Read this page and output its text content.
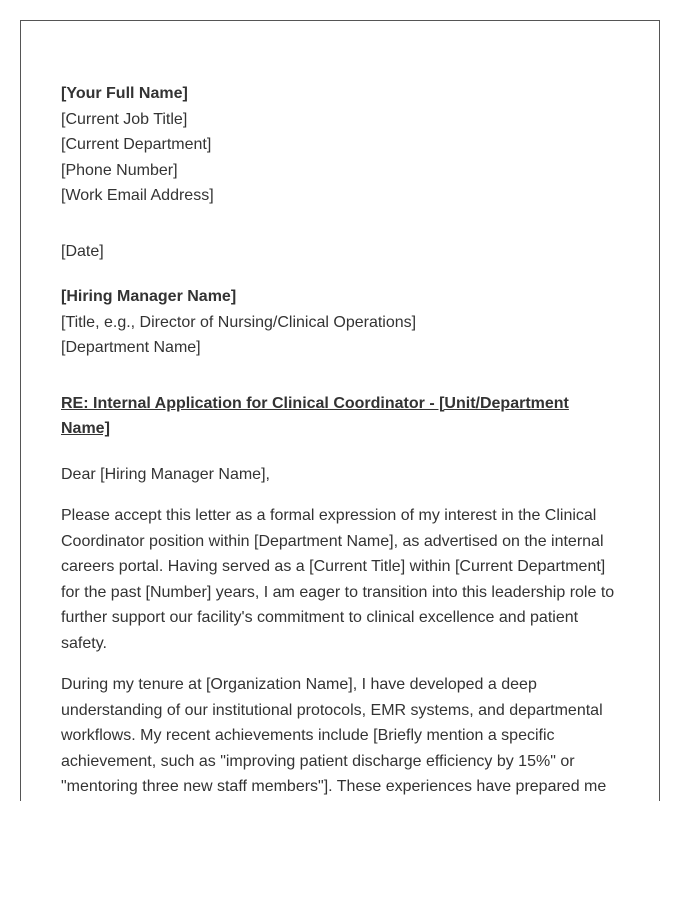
[Your Full Name]
[Current Job Title]
[Current Department]
[Phone Number]
[Work Email Address]
[Date]
[Hiring Manager Name]
[Title, e.g., Director of Nursing/Clinical Operations]
[Department Name]
RE: Internal Application for Clinical Coordinator - [Unit/Department Name]
Dear [Hiring Manager Name],

Please accept this letter as a formal expression of my interest in the Clinical Coordinator position within [Department Name], as advertised on the internal careers portal. Having served as a [Current Title] within [Current Department] for the past [Number] years, I am eager to transition into this leadership role to further support our facility's commitment to clinical excellence and patient safety.

During my tenure at [Organization Name], I have developed a deep understanding of our institutional protocols, EMR systems, and departmental workflows. My recent achievements include [Briefly mention a specific achievement, such as "improving patient discharge efficiency by 15%" or "mentoring three new staff members"]. These experiences have prepared me
